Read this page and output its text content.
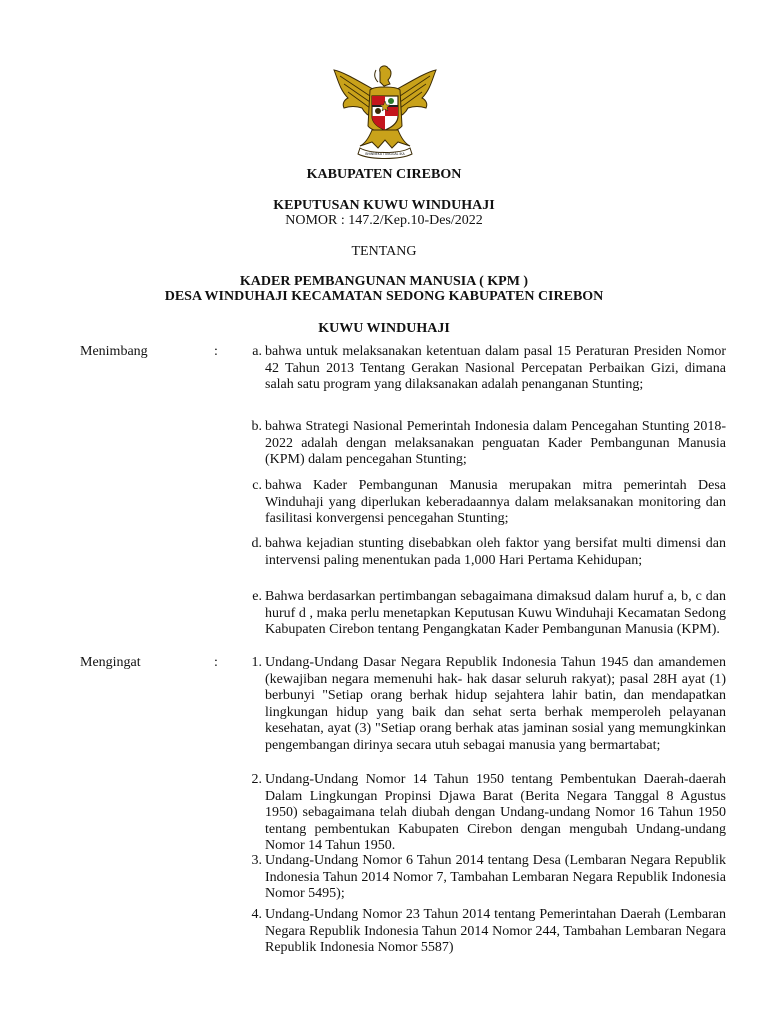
BHINNEKA TUNGGAL IKA
KABUPATEN CIREBON
KEPUTUSAN KUWU WINDUHAJI
NOMOR : 147.2/Kep.10-Des/2022
TENTANG
KADER PEMBANGUNAN MANUSIA ( KPM )
DESA WINDUHAJI KECAMATAN SEDONG KABUPATEN CIREBON
KUWU WINDUHAJI
Menimbang	:	a. bahwa untuk melaksanakan ketentuan dalam pasal 15 Peraturan Presiden Nomor 42 Tahun 2013 Tentang Gerakan Nasional Percepatan Perbaikan Gizi, dimana salah satu program yang dilaksanakan adalah penanganan Stunting;
b. bahwa Strategi Nasional Pemerintah Indonesia dalam Pencegahan Stunting 2018-2022 adalah dengan melaksanakan penguatan Kader Pembangunan Manusia (KPM) dalam pencegahan Stunting;
c. bahwa Kader Pembangunan Manusia merupakan mitra pemerintah Desa Winduhaji yang diperlukan keberadaannya dalam melaksanakan monitoring dan fasilitasi konvergensi pencegahan Stunting;
d. bahwa kejadian stunting disebabkan oleh faktor yang bersifat multi dimensi dan intervensi paling menentukan pada 1,000 Hari Pertama Kehidupan;
e. Bahwa berdasarkan pertimbangan sebagaimana dimaksud dalam huruf a, b, c dan huruf d , maka perlu menetapkan Keputusan Kuwu Winduhaji Kecamatan Sedong Kabupaten Cirebon tentang Pengangkatan Kader Pembangunan Manusia (KPM).
Mengingat	:	1. Undang-Undang Dasar Negara Republik Indonesia Tahun 1945 dan amandemen (kewajiban negara memenuhi hak- hak dasar seluruh rakyat); pasal 28H ayat (1) berbunyi "Setiap orang berhak hidup sejahtera lahir batin, dan mendapatkan lingkungan hidup yang baik dan sehat serta berhak memperoleh pelayanan kesehatan, ayat (3) "Setiap orang berhak atas jaminan sosial yang memungkinkan pengembangan dirinya secara utuh sebagai manusia yang bermartabat;
2. Undang-Undang Nomor 14 Tahun 1950 tentang Pembentukan Daerah-daerah Dalam Lingkungan Propinsi Djawa Barat (Berita Negara Tanggal 8 Agustus 1950) sebagaimana telah diubah dengan Undang-undang Nomor 16 Tahun 1950 tentang pembentukan Kabupaten Cirebon dengan mengubah Undang-undang Nomor 14 Tahun 1950.
3. Undang-Undang Nomor 6 Tahun 2014 tentang Desa (Lembaran Negara Republik Indonesia Tahun 2014 Nomor 7, Tambahan Lembaran Negara Republik Indonesia Nomor 5495);
4. Undang-Undang Nomor 23 Tahun 2014 tentang Pemerintahan Daerah (Lembaran Negara Republik Indonesia Tahun 2014 Nomor 244, Tambahan Lembaran Negara Republik Indonesia Nomor 5587)
